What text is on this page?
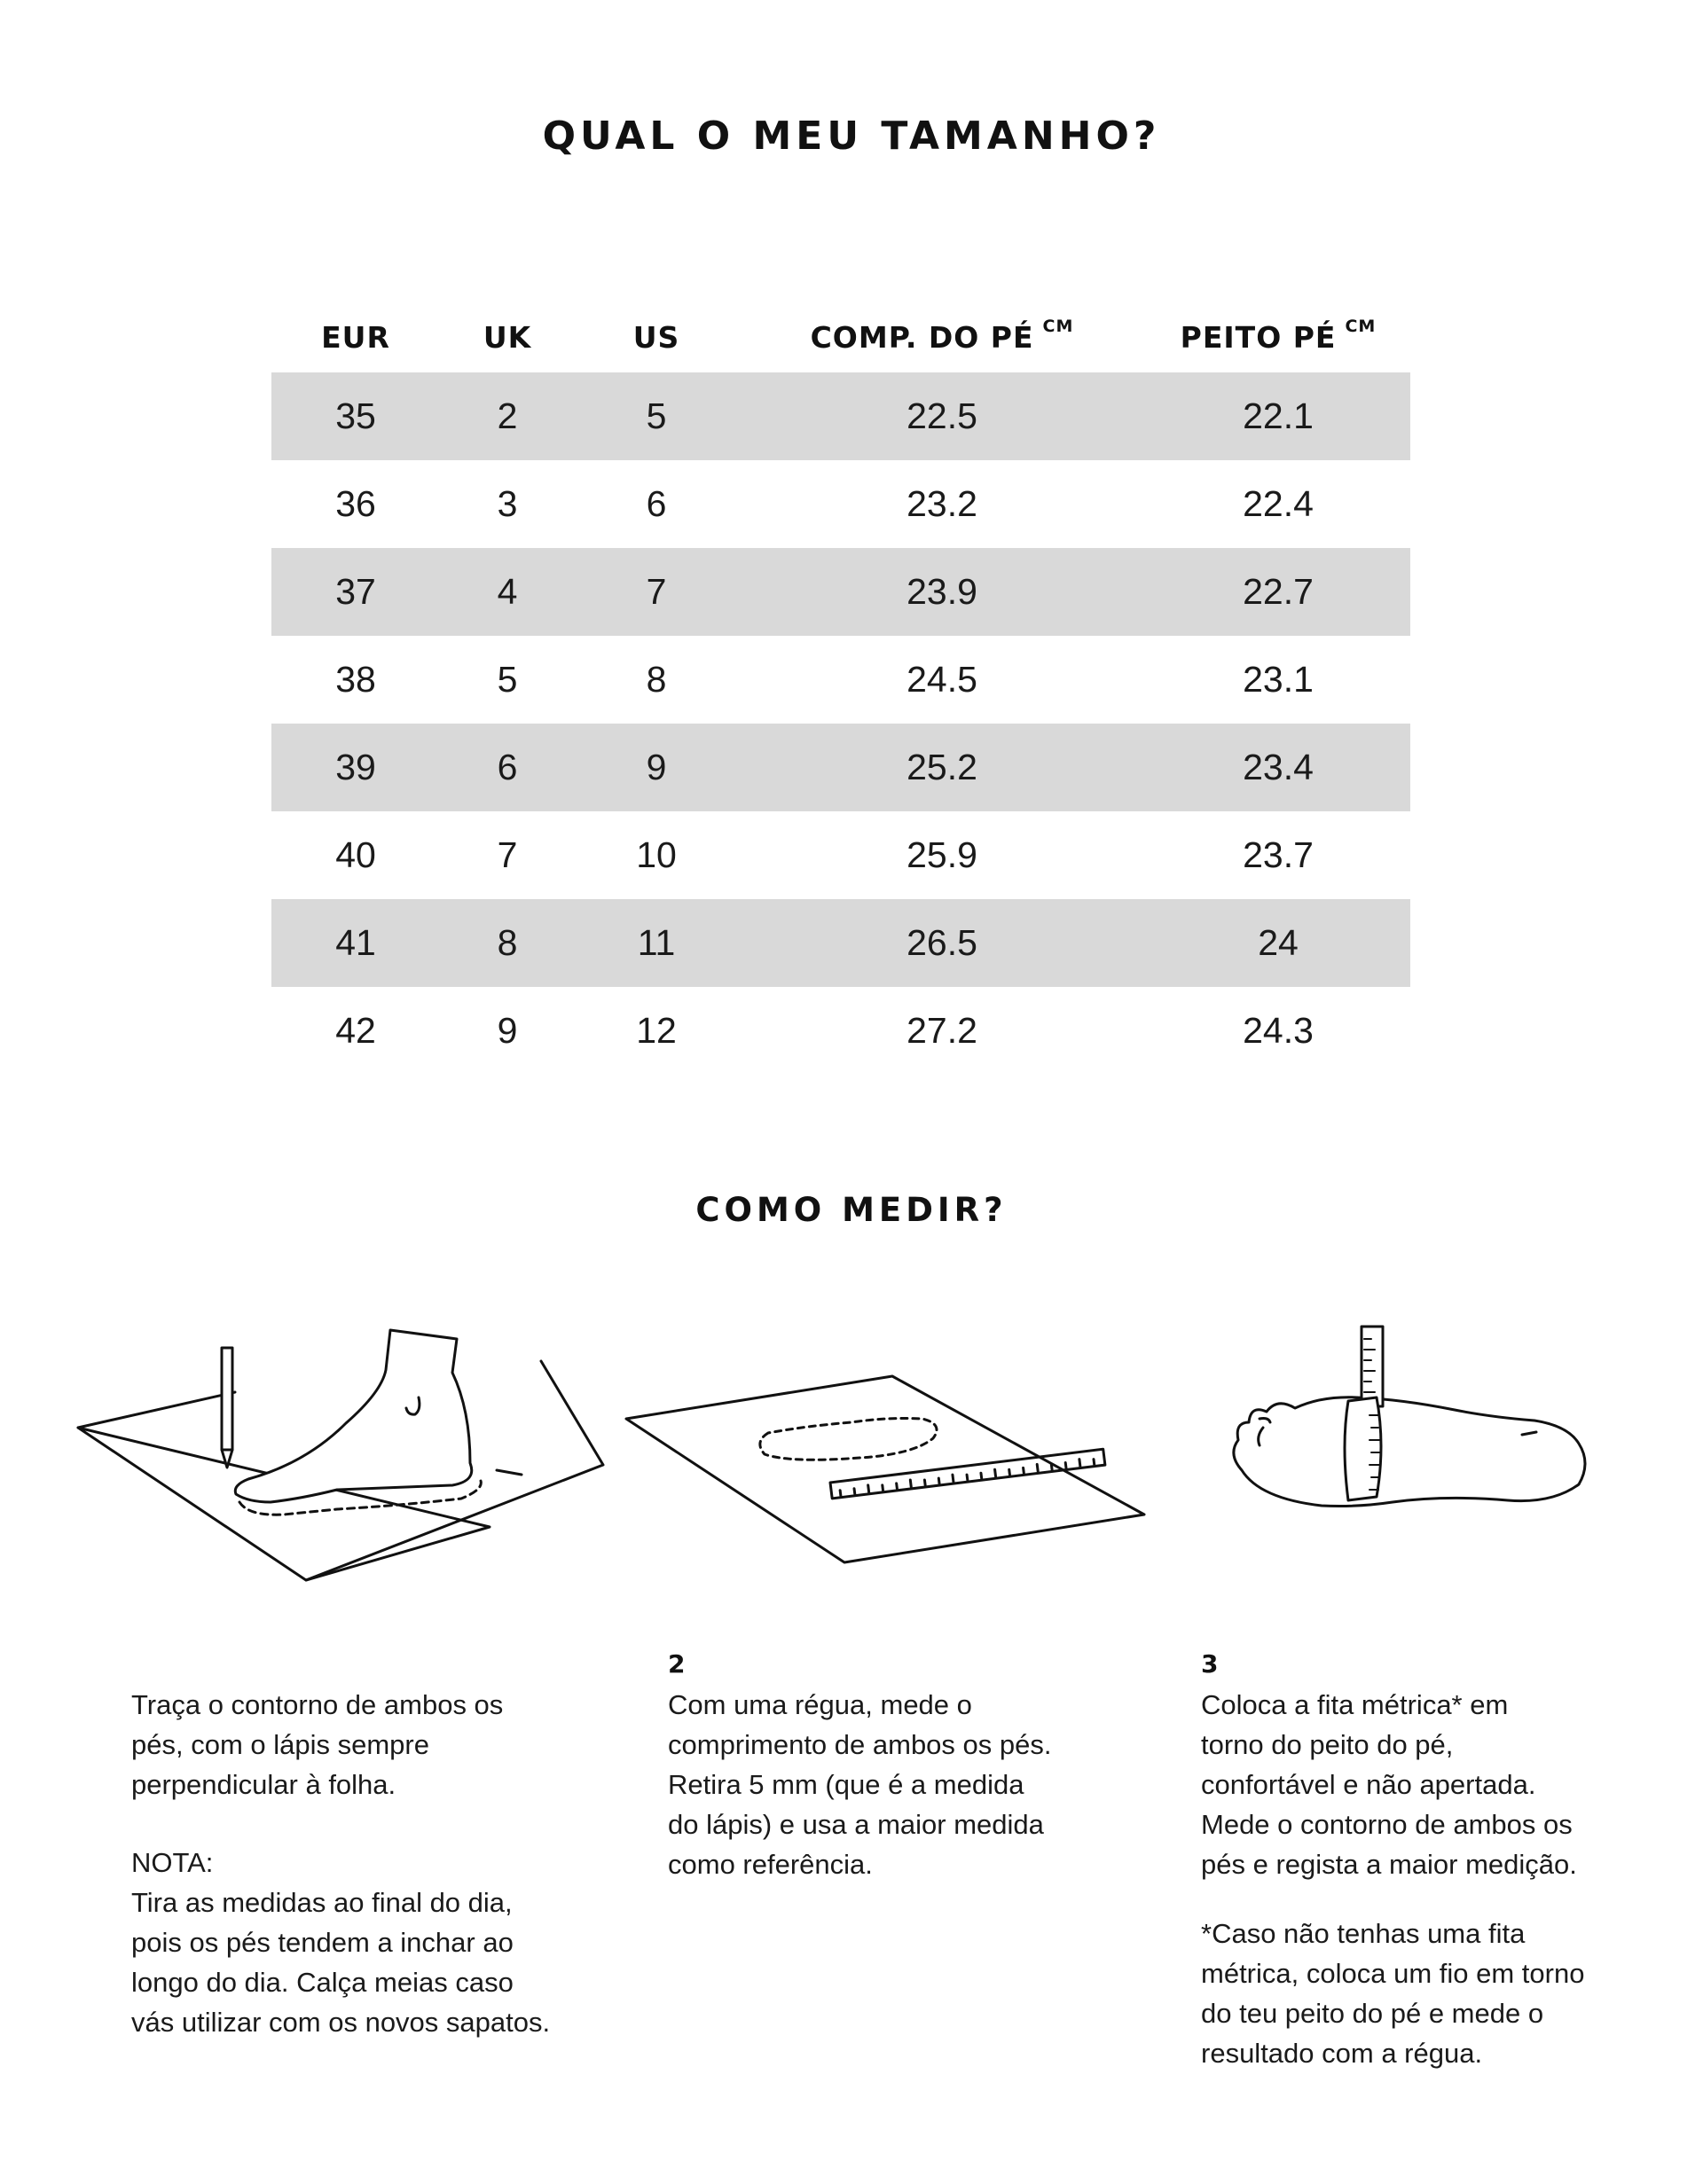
QUAL O MEU TAMANHO?
EUR	UK	US	COMP. DO PÉ $^{CM}$	PEITO PÉ $^{CM}$
35	2	5	22.5	22.1
36	3	6	23.2	22.4
37	4	7	23.9	22.7
38	5	8	24.5	23.1
39	6	9	25.2	23.4
40	7	10	25.9	23.7
41	8	11	26.5	24
42	9	12	27.2	24.3
COMO MEDIR?
Traça o contorno de ambos os
pés, com o lápis sempre
perpendicular à folha.
NOTA:
Tira as medidas ao final do dia,
pois os pés tendem a inchar ao
longo do dia. Calça meias caso
vás utilizar com os novos sapatos.
2
Com uma régua, mede o
comprimento de ambos os pés.
Retira 5 mm (que é a medida
do lápis) e usa a maior medida
como referência.
3
Coloca a fita métrica* em
torno do peito do pé,
confortável e não apertada.
Mede o contorno de ambos os
pés e regista a maior medição.
*Caso não tenhas uma fita
métrica, coloca um fio em torno
do teu peito do pé e mede o
resultado com a régua.
